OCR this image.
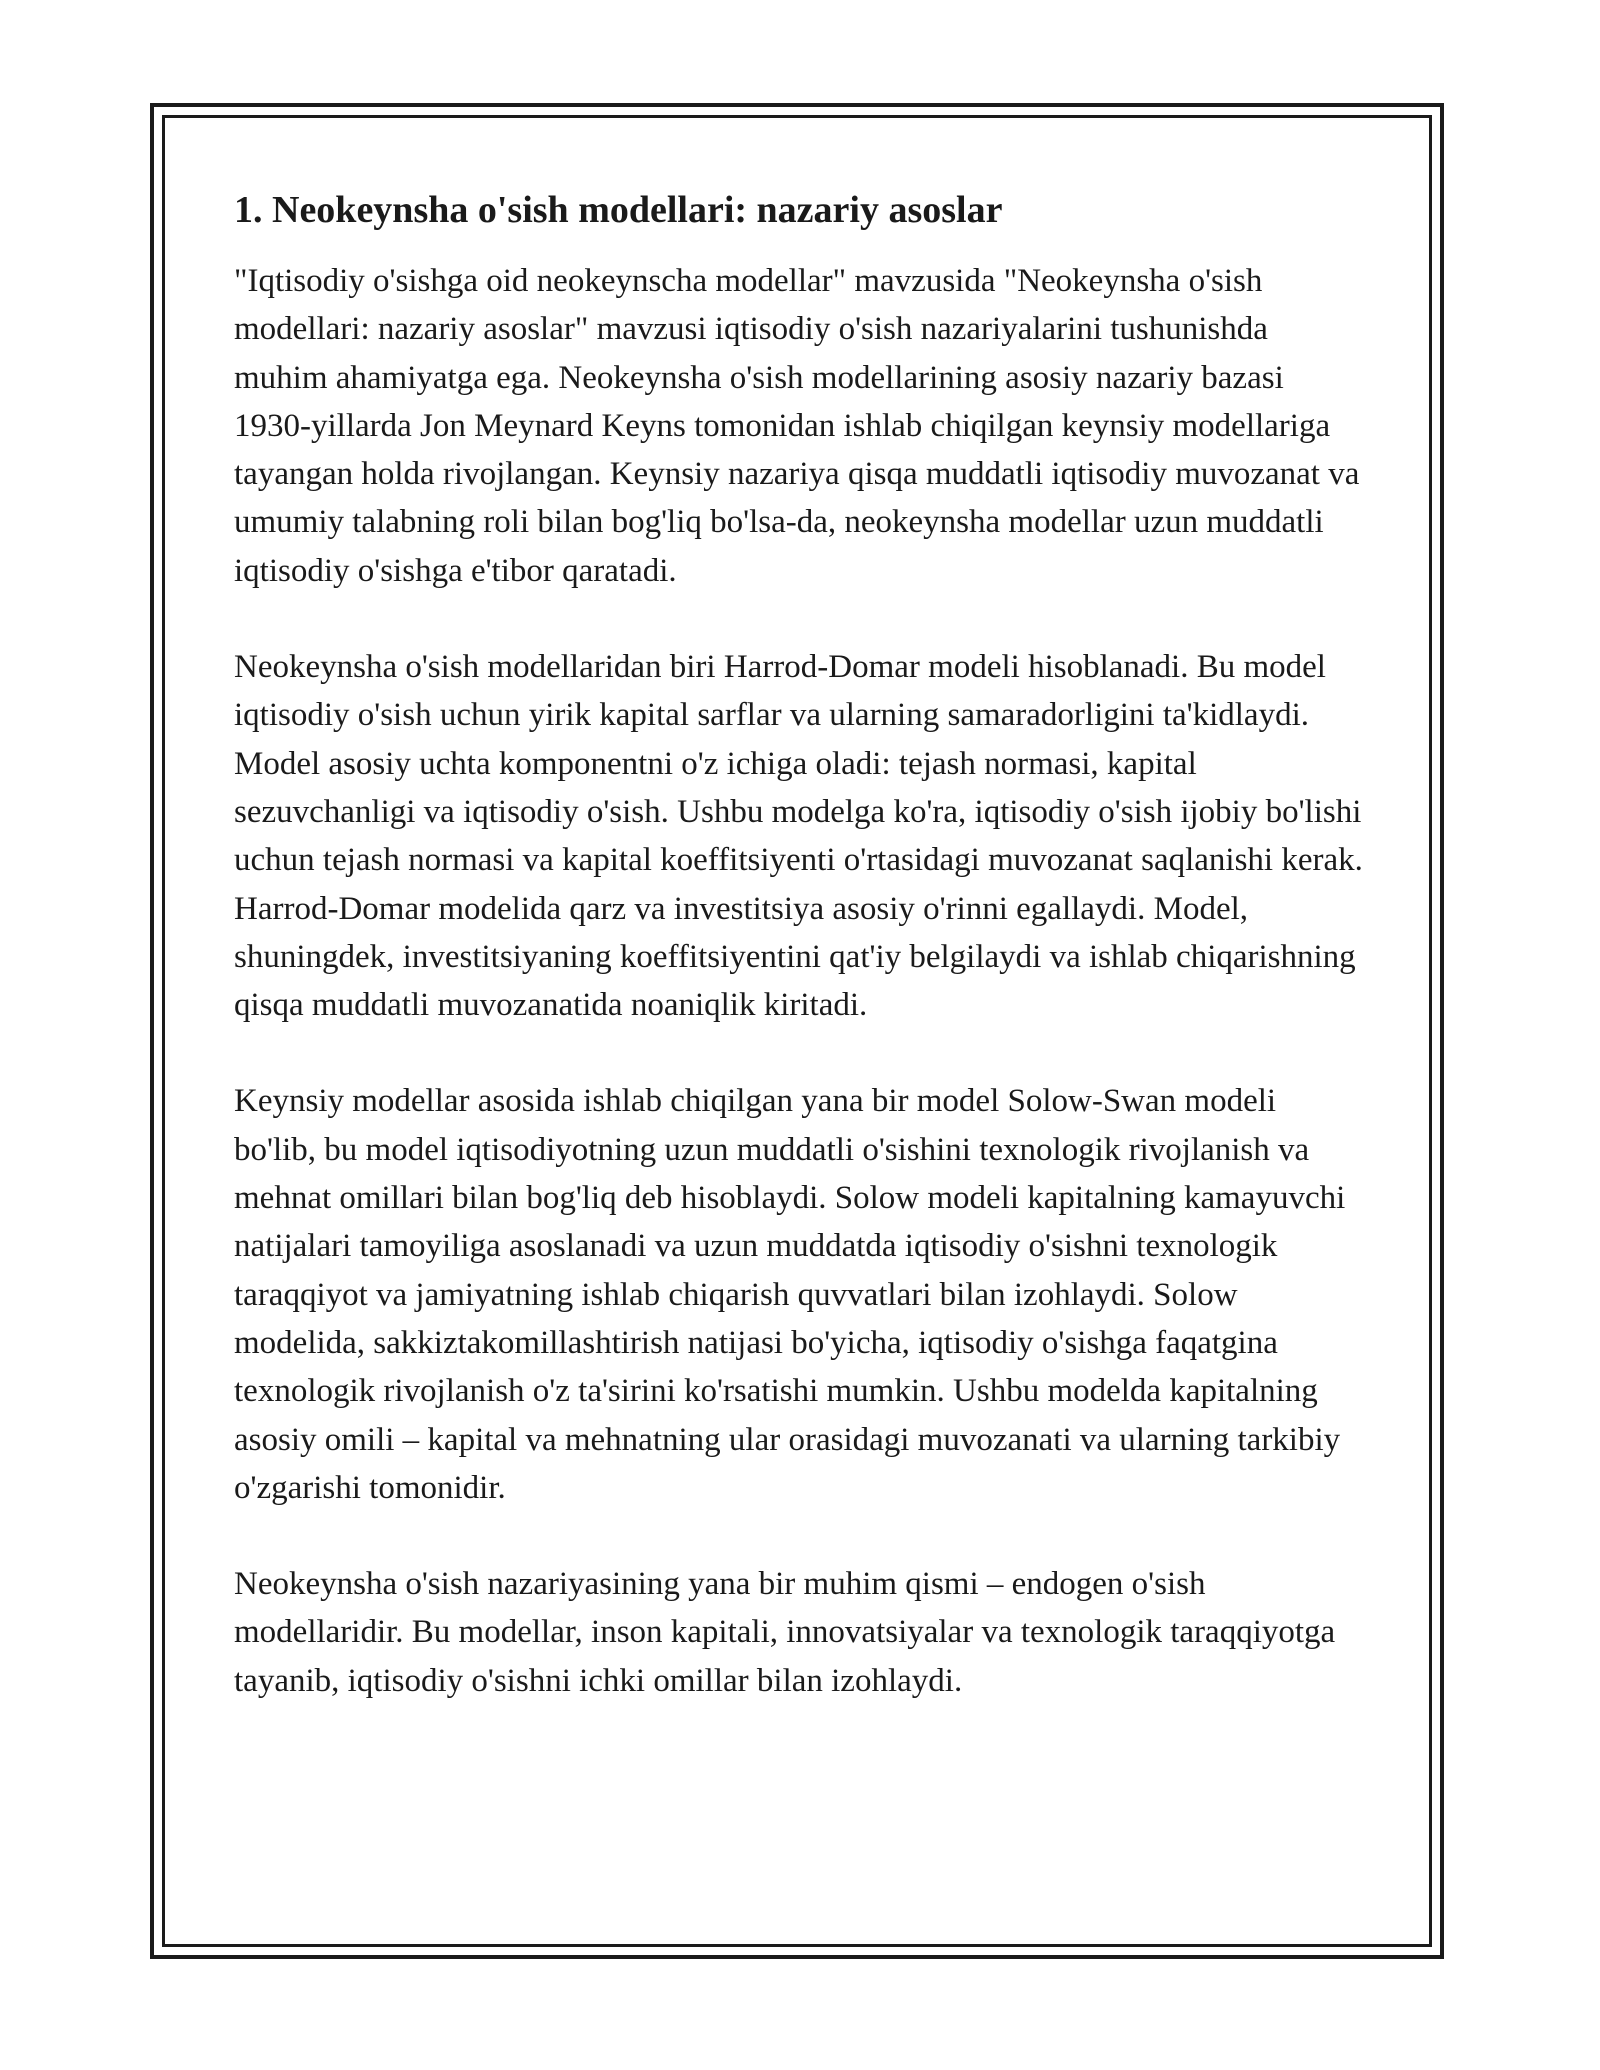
1. Neokeynsha o'sish modellari: nazariy asoslar

"Iqtisodiy o'sishga oid neokeynscha modellar" mavzusida "Neokeynsha o'sish modellari: nazariy asoslar" mavzusi iqtisodiy o'sish nazariyalarini tushunishda muhim ahamiyatga ega. Neokeynsha o'sish modellarining asosiy nazariy bazasi 1930-yillarda Jon Meynard Keyns tomonidan ishlab chiqilgan keynsiy modellariga tayangan holda rivojlangan. Keynsiy nazariya qisqa muddatli iqtisodiy muvozanat va umumiy talabning roli bilan bog'liq bo'lsa-da, neokeynsha modellar uzun muddatli iqtisodiy o'sishga e'tibor qaratadi.

Neokeynsha o'sish modellaridan biri Harrod-Domar modeli hisoblanadi. Bu model iqtisodiy o'sish uchun yirik kapital sarflar va ularning samaradorligini ta'kidlaydi. Model asosiy uchta komponentni o'z ichiga oladi: tejash normasi, kapital sezuvchanligi va iqtisodiy o'sish. Ushbu modelga ko'ra, iqtisodiy o'sish ijobiy bo'lishi uchun tejash normasi va kapital koeffitsiyenti o'rtasidagi muvozanat saqlanishi kerak. Harrod-Domar modelida qarz va investitsiya asosiy o'rinni egallaydi. Model, shuningdek, investitsiyaning koeffitsiyentini qat'iy belgilaydi va ishlab chiqarishning qisqa muddatli muvozanatida noaniqlik kiritadi.

Keynsiy modellar asosida ishlab chiqilgan yana bir model Solow-Swan modeli bo'lib, bu model iqtisodiyotning uzun muddatli o'sishini texnologik rivojlanish va mehnat omillari bilan bog'liq deb hisoblaydi. Solow modeli kapitalning kamayuvchi natijalari tamoyiliga asoslanadi va uzun muddatda iqtisodiy o'sishni texnologik taraqqiyot va jamiyatning ishlab chiqarish quvvatlari bilan izohlaydi. Solow modelida, sakkiztakomillashtirish natijasi bo'yicha, iqtisodiy o'sishga faqatgina texnologik rivojlanish o'z ta'sirini ko'rsatishi mumkin. Ushbu modelda kapitalning asosiy omili – kapital va mehnatning ular orasidagi muvozanati va ularning tarkibiy o'zgarishi tomonidir.

Neokeynsha o'sish nazariyasining yana bir muhim qismi – endogen o'sish modellaridir. Bu modellar, inson kapitali, innovatsiyalar va texnologik taraqqiyotga tayanib, iqtisodiy o'sishni ichki omillar bilan izohlaydi.
